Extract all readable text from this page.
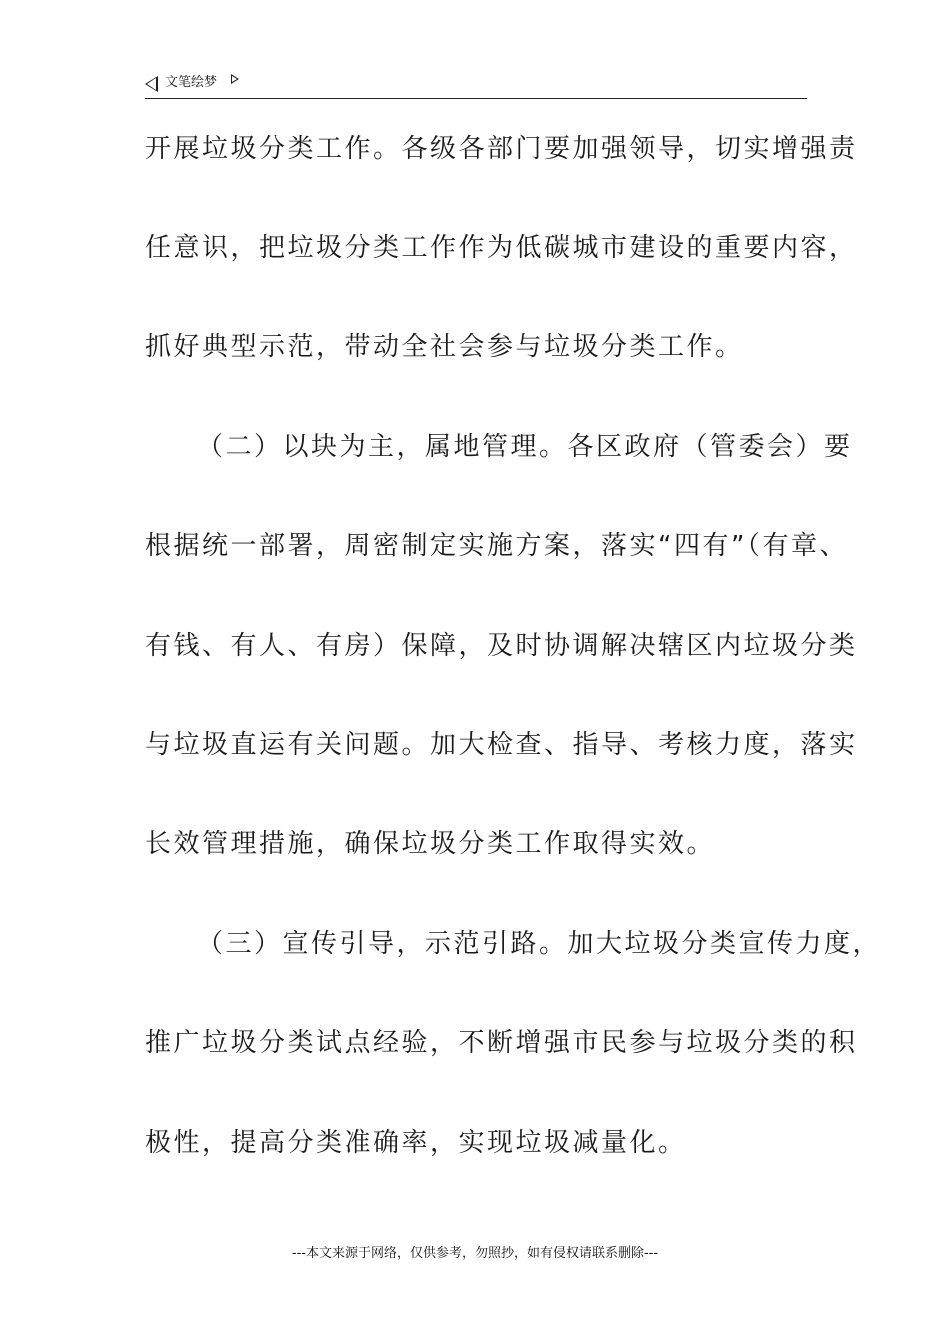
文笔绘梦
开展垃圾分类工作。各级各部门要加强领导，切实增强责
任意识，把垃圾分类工作作为低碳城市建设的重要内容，
抓好典型示范，带动全社会参与垃圾分类工作。
（二）以块为主，属地管理。各区政府（管委会）要
根据统一部署，周密制定实施方案，落实“四有”（有章、
有钱、有人、有房）保障，及时协调解决辖区内垃圾分类
与垃圾直运有关问题。加大检查、指导、考核力度，落实
长效管理措施，确保垃圾分类工作取得实效。
（三）宣传引导，示范引路。加大垃圾分类宣传力度，
推广垃圾分类试点经验，不断增强市民参与垃圾分类的积
极性，提高分类准确率，实现垃圾减量化。
---本文来源于网络，仅供参考，勿照抄，如有侵权请联系删除---
